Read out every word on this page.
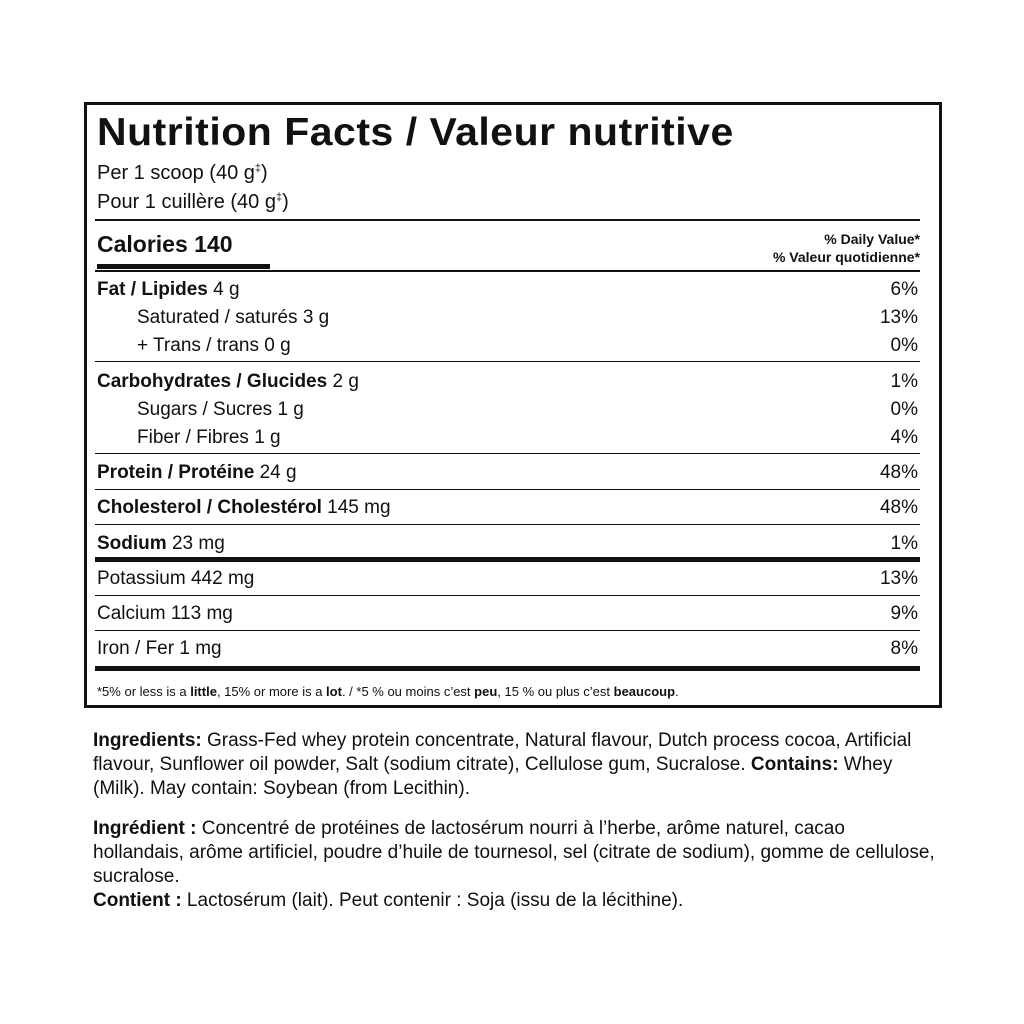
Nutrition Facts / Valeur nutritive
Per 1 scoop (40 g‡)
Pour 1 cuillère (40 g‡)
Calories 140	% Daily Value*
% Valeur quotidienne*
Fat / Lipides 4 g	6%
Saturated / saturés 3 g	13%
+ Trans / trans 0 g	0%
Carbohydrates / Glucides 2 g	1%
Sugars / Sucres 1 g	0%
Fiber / Fibres 1 g	4%
Protein / Protéine 24 g	48%
Cholesterol / Cholestérol 145 mg	48%
Sodium 23 mg	1%
Potassium 442 mg	13%
Calcium 113 mg	9%
Iron / Fer 1 mg	8%
*5% or less is a little, 15% or more is a lot. / *5 % ou moins c’est peu, 15 % ou plus c’est beaucoup.
Ingredients: Grass-Fed whey protein concentrate, Natural flavour, Dutch process cocoa, Artificial flavour, Sunflower oil powder, Salt (sodium citrate), Cellulose gum, Sucralose. Contains: Whey (Milk). May contain: Soybean (from Lecithin).
Ingrédient : Concentré de protéines de lactosérum nourri à l’herbe, arôme naturel, cacao hollandais, arôme artificiel, poudre d’huile de tournesol, sel (citrate de sodium), gomme de cellulose, sucralose.
Contient : Lactosérum (lait). Peut contenir : Soja (issu de la lécithine).
